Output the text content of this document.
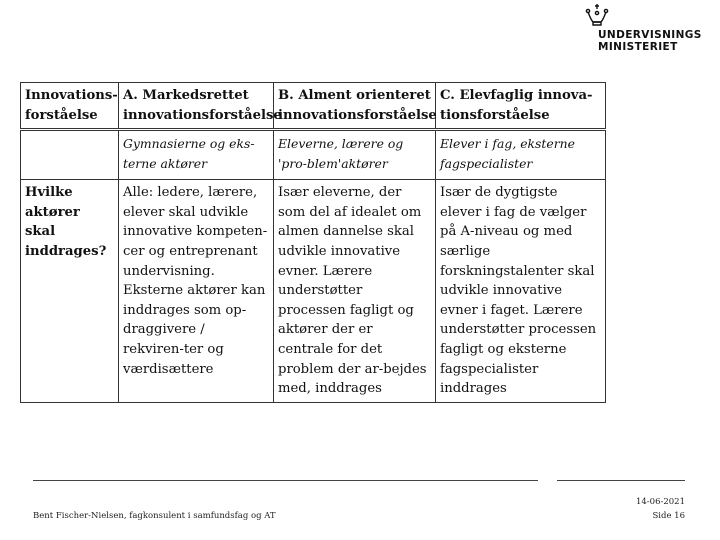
UNDERVISNINGS
MINISTERIET
Innovations-forståelse	A. Markedsrettet innovationsforståelse	B. Alment orienteret innovationsforståelse	C. Elevfaglig innova-tionsforståelse
	Gymnasierne og eks-terne aktører	Eleverne, lærere og 'pro-blem'aktører	Elever i fag, eksterne fagspecialister
Hvilke aktører skal inddrages?	Alle: ledere, lærere, elever skal udvikle innovative kompeten-cer og entreprenant undervisning. Eksterne aktører kan inddrages som op-draggivere / rekviren-ter og værdisættere	Især eleverne, der som del af idealet om almen dannelse skal udvikle innovative evner. Lærere understøtter processen fagligt og aktører der er centrale for det problem der ar-bejdes med, inddrages	Især de dygtigste elever i fag de vælger på A-niveau og med særlige forskningstalenter skal udvikle innovative evner i faget. Lærere understøtter processen fagligt og eksterne fagspecialister inddrages
Bent Fischer-Nielsen, fagkonsulent i samfundsfag og AT
14-06-2021
Side 16
